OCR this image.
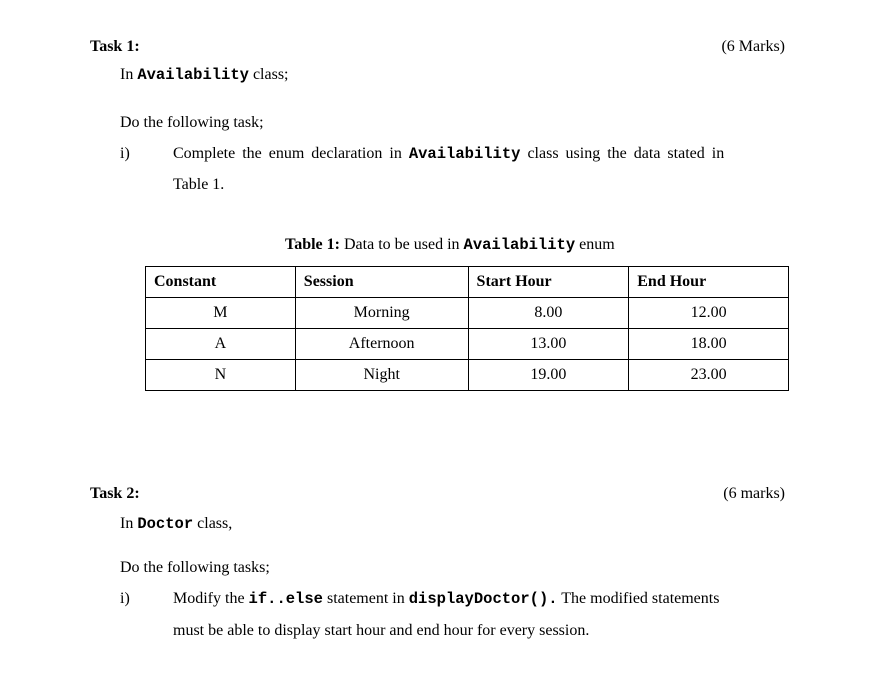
Task 1:	(6 Marks)
In Availability class;
Do the following task;
i)	Complete the enum declaration in Availability class using the data stated in
Table 1.
Table 1: Data to be used in Availability enum
Constant	Session	Start Hour	End Hour
M	Morning	8.00	12.00
A	Afternoon	13.00	18.00
N	Night	19.00	23.00
Task 2:	(6 marks)
In Doctor class,
Do the following tasks;
i)	Modify the if..else statement in displayDoctor(). The modified statements
must be able to display start hour and end hour for every session.
